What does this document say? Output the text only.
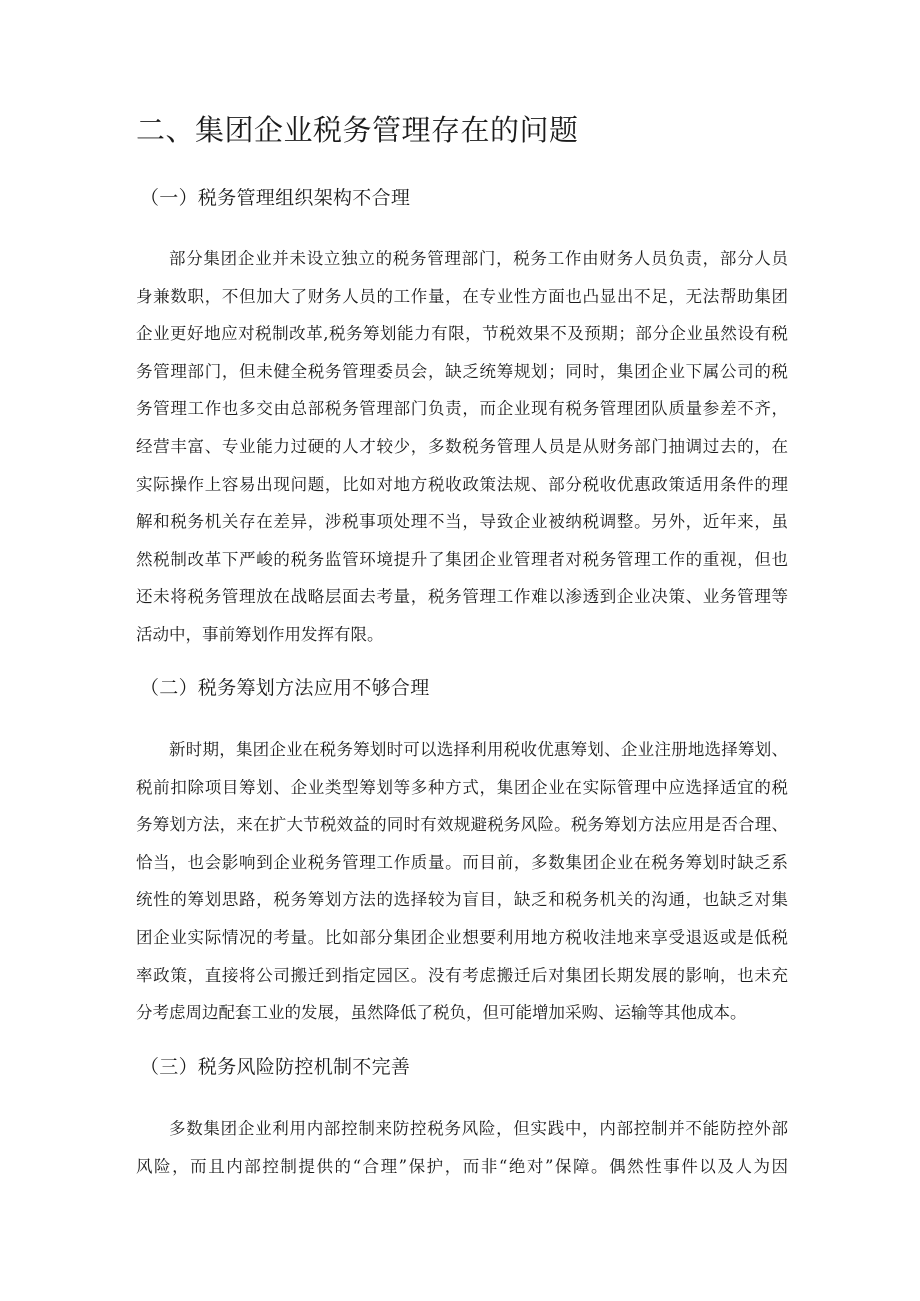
二、集团企业税务管理存在的问题
（一）税务管理组织架构不合理
部分集团企业并未设立独立的税务管理部门，税务工作由财务人员负责，部分人员
身兼数职，不但加大了财务人员的工作量，在专业性方面也凸显出不足，无法帮助集团
企业更好地应对税制改革,税务筹划能力有限，节税效果不及预期；部分企业虽然设有税
务管理部门，但未健全税务管理委员会，缺乏统筹规划；同时，集团企业下属公司的税
务管理工作也多交由总部税务管理部门负责，而企业现有税务管理团队质量参差不齐，
经营丰富、专业能力过硬的人才较少，多数税务管理人员是从财务部门抽调过去的，在
实际操作上容易出现问题，比如对地方税收政策法规、部分税收优惠政策适用条件的理
解和税务机关存在差异，涉税事项处理不当，导致企业被纳税调整。另外，近年来，虽
然税制改革下严峻的税务监管环境提升了集团企业管理者对税务管理工作的重视，但也
还未将税务管理放在战略层面去考量，税务管理工作难以渗透到企业决策、业务管理等
活动中，事前筹划作用发挥有限。
（二）税务筹划方法应用不够合理
新时期，集团企业在税务筹划时可以选择利用税收优惠筹划、企业注册地选择筹划、
税前扣除项目筹划、企业类型筹划等多种方式，集团企业在实际管理中应选择适宜的税
务筹划方法，来在扩大节税效益的同时有效规避税务风险。税务筹划方法应用是否合理、
恰当，也会影响到企业税务管理工作质量。而目前，多数集团企业在税务筹划时缺乏系
统性的筹划思路，税务筹划方法的选择较为盲目，缺乏和税务机关的沟通，也缺乏对集
团企业实际情况的考量。比如部分集团企业想要利用地方税收洼地来享受退返或是低税
率政策，直接将公司搬迁到指定园区。没有考虑搬迁后对集团长期发展的影响，也未充
分考虑周边配套工业的发展，虽然降低了税负，但可能增加采购、运输等其他成本。
（三）税务风险防控机制不完善
多数集团企业利用内部控制来防控税务风险，但实践中，内部控制并不能防控外部
风险，而且内部控制提供的“合理”保护，而非“绝对”保障。偶然性事件以及人为因
